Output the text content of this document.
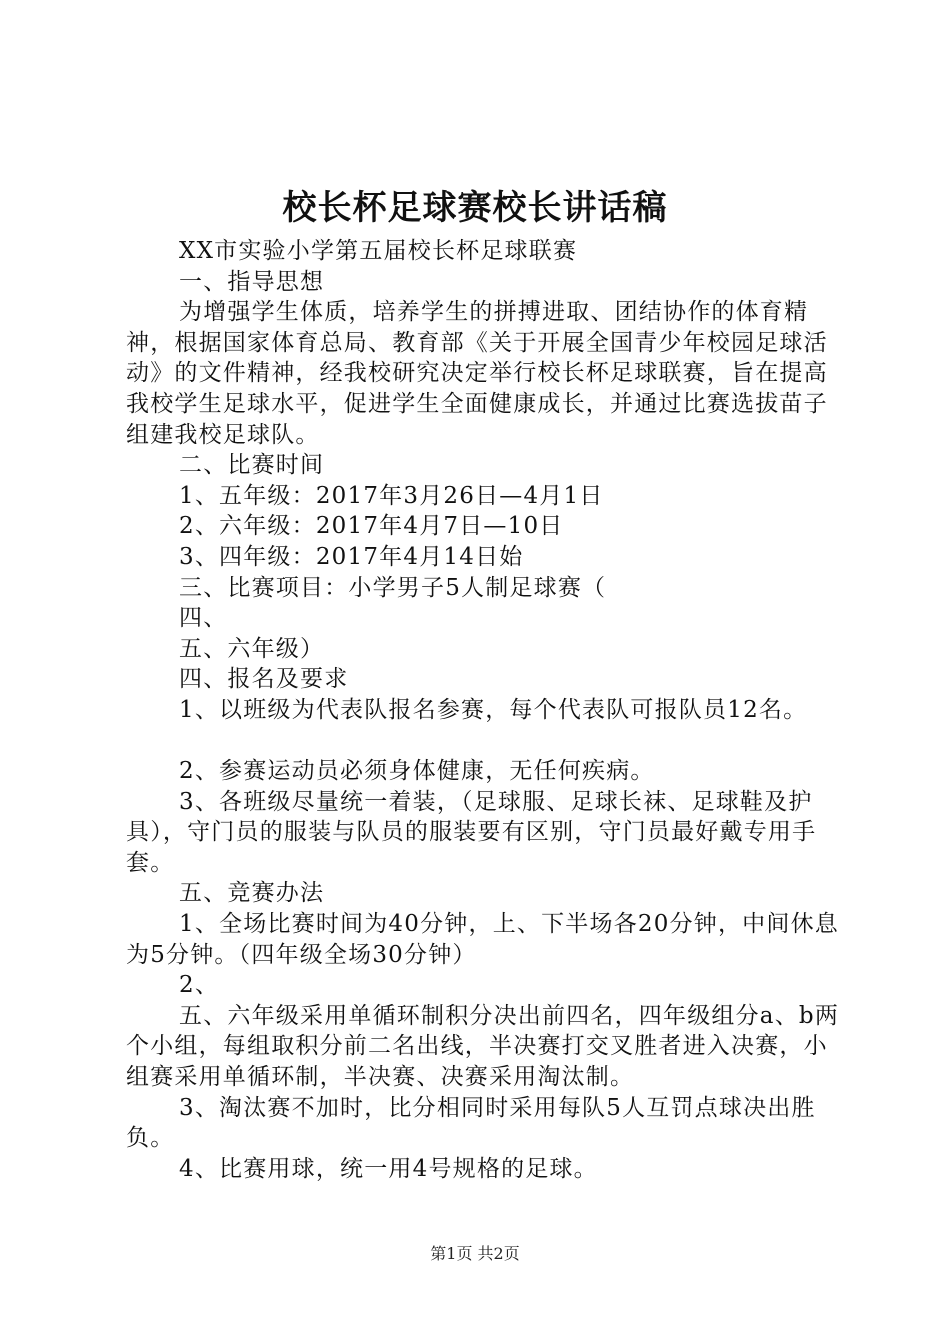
校长杯足球赛校长讲话稿

XX市实验小学第五届校长杯足球联赛

一、指导思想

为增强学生体质，培养学生的拼搏进取、团结协作的体育精神，根据国家体育总局、教育部《关于开展全国青少年校园足球活动》的文件精神，经我校研究决定举行校长杯足球联赛，旨在提高我校学生足球水平，促进学生全面健康成长，并通过比赛选拔苗子组建我校足球队。

二、比赛时间

1、五年级：2017年3月26日—4月1日

2、六年级：2017年4月7日—10日

3、四年级：2017年4月14日始

三、比赛项目：小学男子5人制足球赛（

四、

五、六年级）

四、报名及要求

1、以班级为代表队报名参赛，每个代表队可报队员12名。

2、参赛运动员必须身体健康，无任何疾病。

3、各班级尽量统一着装，（足球服、足球长袜、足球鞋及护具），守门员的服装与队员的服装要有区别，守门员最好戴专用手套。

五、竞赛办法

1、全场比赛时间为40分钟，上、下半场各20分钟，中间休息为5分钟。（四年级全场30分钟）

2、

五、六年级采用单循环制积分决出前四名，四年级组分a、b两个小组，每组取积分前二名出线，半决赛打交叉胜者进入决赛，小组赛采用单循环制，半决赛、决赛采用淘汰制。

3、淘汰赛不加时，比分相同时采用每队5人互罚点球决出胜负。

4、比赛用球，统一用4号规格的足球。

第1页 共2页
